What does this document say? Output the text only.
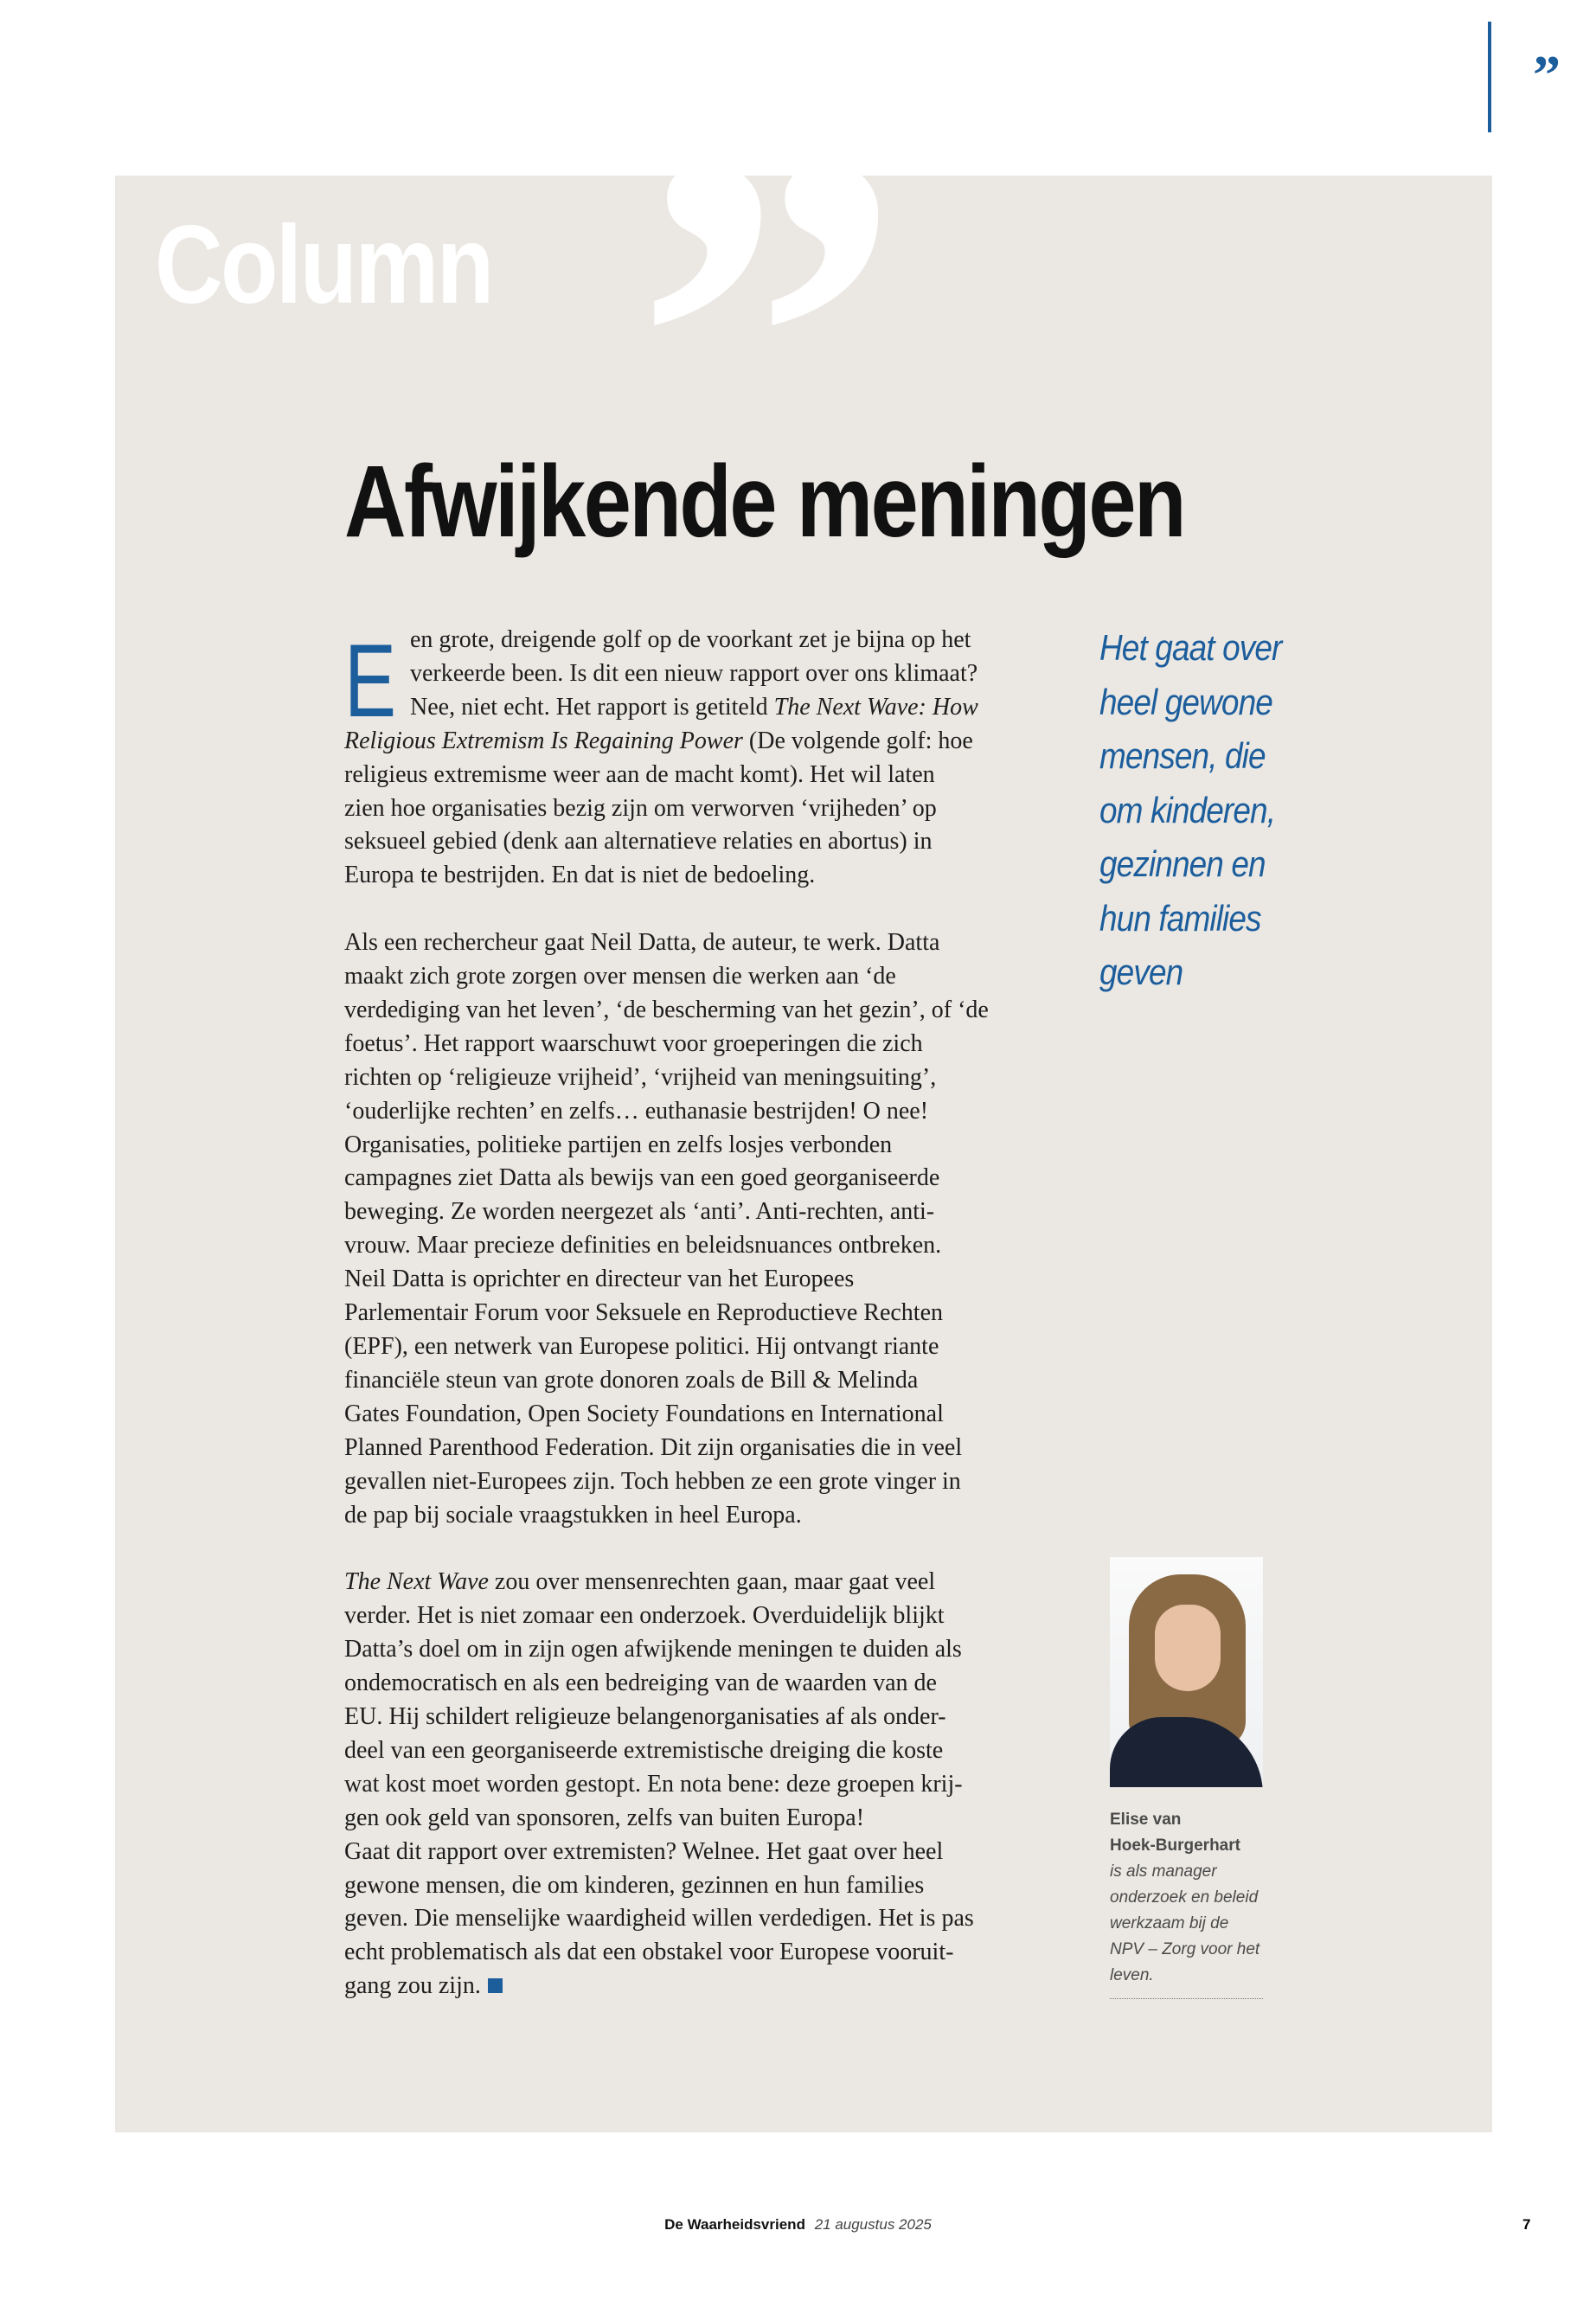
”
”
Column
Afwijkende meningen
E en grote, dreigende golf op de voorkant zet je bijna op het
verkeerde been. Is dit een nieuw rapport over ons klimaat?
Nee, niet echt. Het rapport is getiteld The Next Wave: How
Religious Extremism Is Regaining Power (De volgende golf: hoe
religieus extremisme weer aan de macht komt). Het wil laten
zien hoe organisaties bezig zijn om verworven ‘vrijheden’ op
seksueel gebied (denk aan alternatieve relaties en abortus) in
Europa te bestrijden. En dat is niet de bedoeling.
Als een rechercheur gaat Neil Datta, de auteur, te werk. Datta
maakt zich grote zorgen over mensen die werken aan ‘de
verdediging van het leven’, ‘de bescherming van het gezin’, of ‘de
foetus’. Het rapport waarschuwt voor groeperingen die zich
richten op ‘religieuze vrijheid’, ‘vrijheid van meningsuiting’,
‘ouderlijke rechten’ en zelfs… euthanasie bestrijden! O nee!
Organisaties, politieke partijen en zelfs losjes verbonden
campagnes ziet Datta als bewijs van een goed georganiseerde
beweging. Ze worden neergezet als ‘anti’. Anti-rechten, anti-
vrouw. Maar precieze definities en beleidsnuances ontbreken.
Neil Datta is oprichter en directeur van het Europees
Parlementair Forum voor Seksuele en Reproductieve Rechten
(EPF), een netwerk van Europese politici. Hij ontvangt riante
financiële steun van grote donoren zoals de Bill & Melinda
Gates Foundation, Open Society Foundations en International
Planned Parenthood Federation. Dit zijn organisaties die in veel
gevallen niet-Europees zijn. Toch hebben ze een grote vinger in
de pap bij sociale vraagstukken in heel Europa.
The Next Wave zou over mensenrechten gaan, maar gaat veel
verder. Het is niet zomaar een onderzoek. Overduidelijk blijkt
Datta’s doel om in zijn ogen afwijkende meningen te duiden als
ondemocratisch en als een bedreiging van de waarden van de
EU. Hij schildert religieuze belangenorganisaties af als onder-
deel van een georganiseerde extremistische dreiging die koste
wat kost moet worden gestopt. En nota bene: deze groepen krij-
gen ook geld van sponsoren, zelfs van buiten Europa!
Gaat dit rapport over extremisten? Welnee. Het gaat over heel
gewone mensen, die om kinderen, gezinnen en hun families
geven. Die menselijke waardigheid willen verdedigen. Het is pas
echt problematisch als dat een obstakel voor Europese vooruit-
gang zou zijn.
Het gaat over
heel gewone
mensen, die
om kinderen,
gezinnen en
hun families
geven
Elise van
Hoek-Burgerhart
is als manager
onderzoek en beleid
werkzaam bij de
NPV – Zorg voor het
leven.
De Waarheidsvriend 21 augustus 2025	7
